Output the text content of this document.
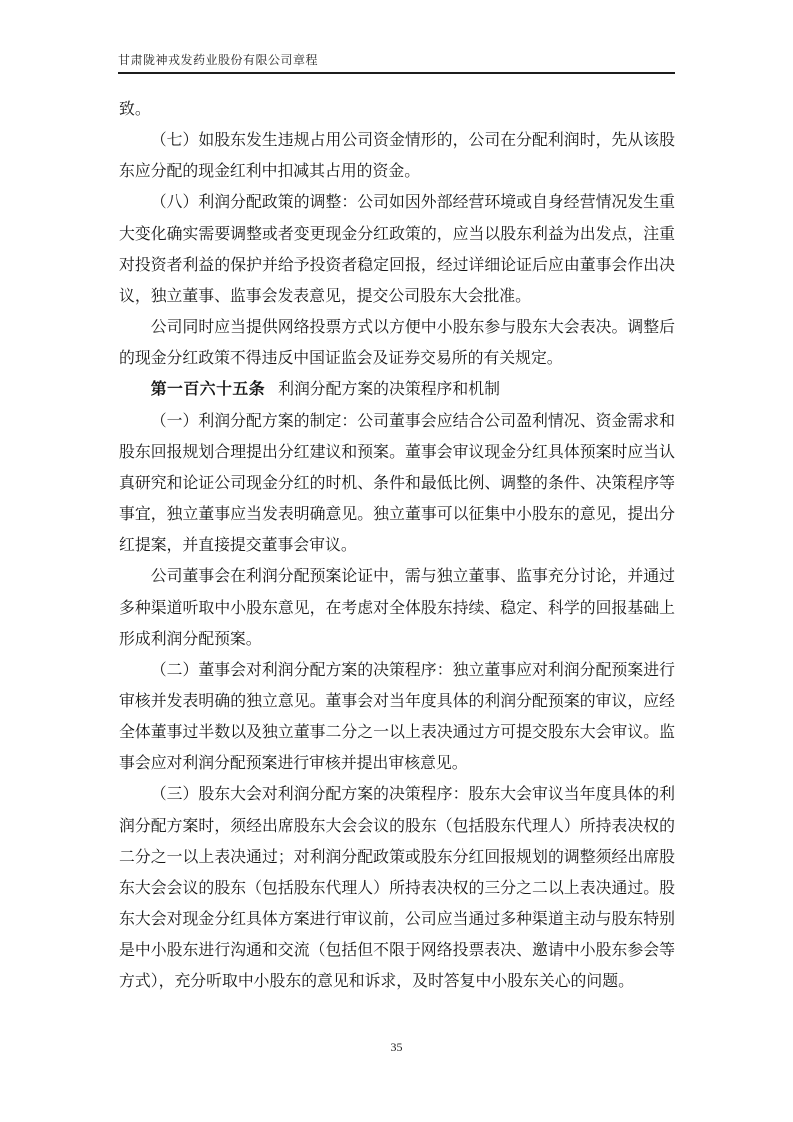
甘肃陇神戎发药业股份有限公司章程

致。

（七）如股东发生违规占用公司资金情形的，公司在分配利润时，先从该股东应分配的现金红利中扣减其占用的资金。

（八）利润分配政策的调整：公司如因外部经营环境或自身经营情况发生重大变化确实需要调整或者变更现金分红政策的，应当以股东利益为出发点，注重对投资者利益的保护并给予投资者稳定回报，经过详细论证后应由董事会作出决议，独立董事、监事会发表意见，提交公司股东大会批准。

公司同时应当提供网络投票方式以方便中小股东参与股东大会表决。调整后的现金分红政策不得违反中国证监会及证券交易所的有关规定。

第一百六十五条 利润分配方案的决策程序和机制

（一）利润分配方案的制定：公司董事会应结合公司盈利情况、资金需求和股东回报规划合理提出分红建议和预案。董事会审议现金分红具体预案时应当认真研究和论证公司现金分红的时机、条件和最低比例、调整的条件、决策程序等事宜，独立董事应当发表明确意见。独立董事可以征集中小股东的意见，提出分红提案，并直接提交董事会审议。

公司董事会在利润分配预案论证中，需与独立董事、监事充分讨论，并通过多种渠道听取中小股东意见，在考虑对全体股东持续、稳定、科学的回报基础上形成利润分配预案。

（二）董事会对利润分配方案的决策程序：独立董事应对利润分配预案进行审核并发表明确的独立意见。董事会对当年度具体的利润分配预案的审议，应经全体董事过半数以及独立董事二分之一以上表决通过方可提交股东大会审议。监事会应对利润分配预案进行审核并提出审核意见。

（三）股东大会对利润分配方案的决策程序：股东大会审议当年度具体的利润分配方案时，须经出席股东大会会议的股东（包括股东代理人）所持表决权的二分之一以上表决通过；对利润分配政策或股东分红回报规划的调整须经出席股东大会会议的股东（包括股东代理人）所持表决权的三分之二以上表决通过。股东大会对现金分红具体方案进行审议前，公司应当通过多种渠道主动与股东特别是中小股东进行沟通和交流（包括但不限于网络投票表决、邀请中小股东参会等方式），充分听取中小股东的意见和诉求，及时答复中小股东关心的问题。

35
